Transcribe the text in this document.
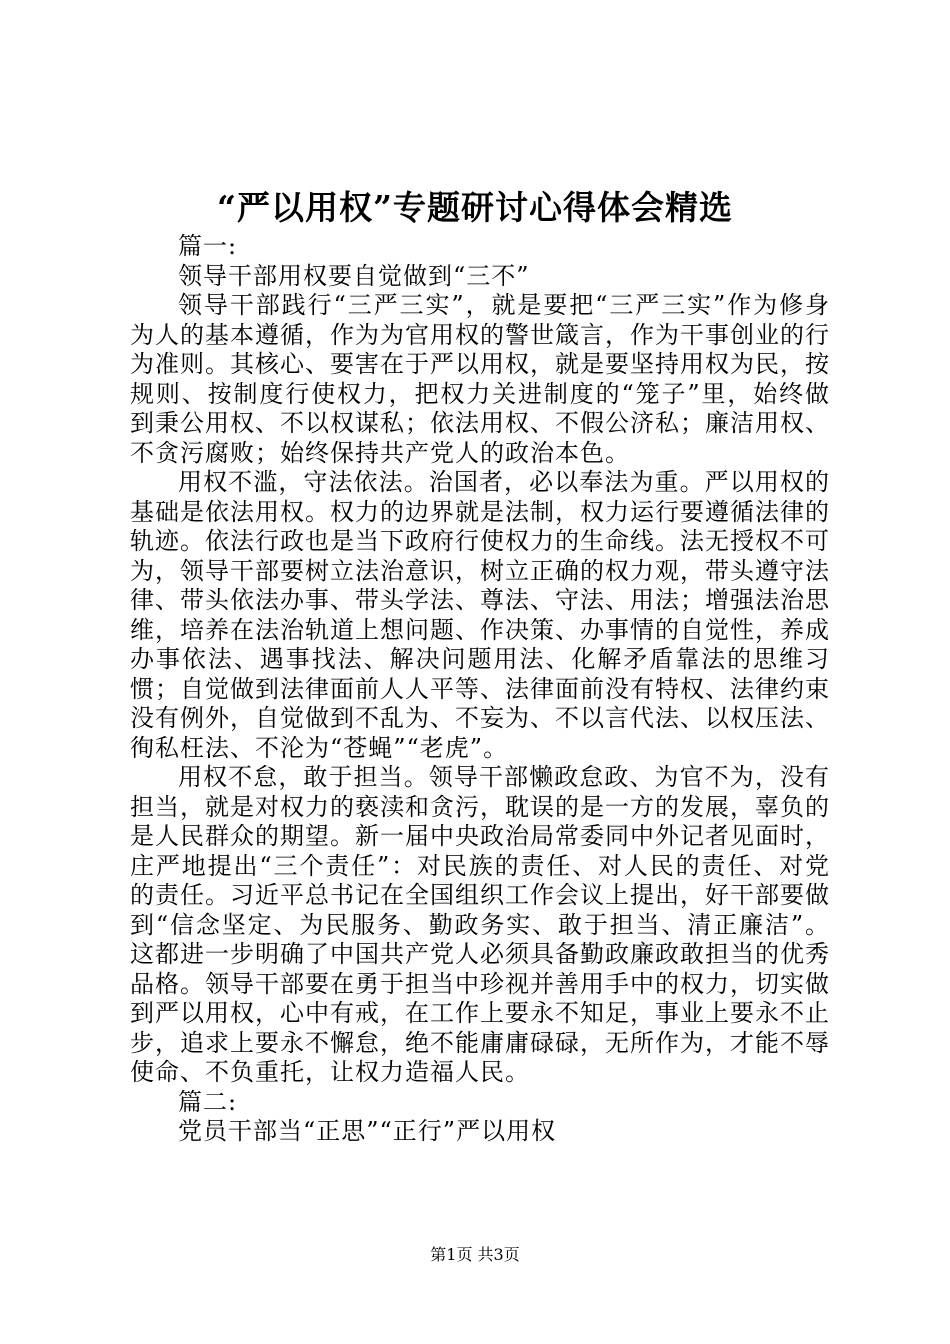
“严以用权”专题研讨心得体会精选

篇一:

领导干部用权要自觉做到“三不”

领导干部践行“三严三实”，就是要把“三严三实”作为修身为人的基本遵循，作为为官用权的警世箴言，作为干事创业的行为准则。其核心、要害在于严以用权，就是要坚持用权为民，按规则、按制度行使权力，把权力关进制度的“笼子”里，始终做到秉公用权、不以权谋私；依法用权、不假公济私；廉洁用权、不贪污腐败；始终保持共产党人的政治本色。

用权不滥，守法依法。治国者，必以奉法为重。严以用权的基础是依法用权。权力的边界就是法制，权力运行要遵循法律的轨迹。依法行政也是当下政府行使权力的生命线。法无授权不可为，领导干部要树立法治意识，树立正确的权力观，带头遵守法律、带头依法办事、带头学法、尊法、守法、用法；增强法治思维，培养在法治轨道上想问题、作决策、办事情的自觉性，养成办事依法、遇事找法、解决问题用法、化解矛盾靠法的思维习惯；自觉做到法律面前人人平等、法律面前没有特权、法律约束没有例外，自觉做到不乱为、不妄为、不以言代法、以权压法、徇私枉法、不沦为“苍蝇”“老虎”。

用权不怠，敢于担当。领导干部懒政怠政、为官不为，没有担当，就是对权力的亵渎和贪污，耽误的是一方的发展，辜负的是人民群众的期望。新一届中央政治局常委同中外记者见面时，庄严地提出“三个责任”：对民族的责任、对人民的责任、对党的责任。习近平总书记在全国组织工作会议上提出，好干部要做到“信念坚定、为民服务、勤政务实、敢于担当、清正廉洁”。这都进一步明确了中国共产党人必须具备勤政廉政敢担当的优秀品格。领导干部要在勇于担当中珍视并善用手中的权力，切实做到严以用权，心中有戒，在工作上要永不知足，事业上要永不止步，追求上要永不懈怠，绝不能庸庸碌碌，无所作为，才能不辱使命、不负重托，让权力造福人民。

篇二:

党员干部当“正思”“正行”严以用权

第1页 共3页
